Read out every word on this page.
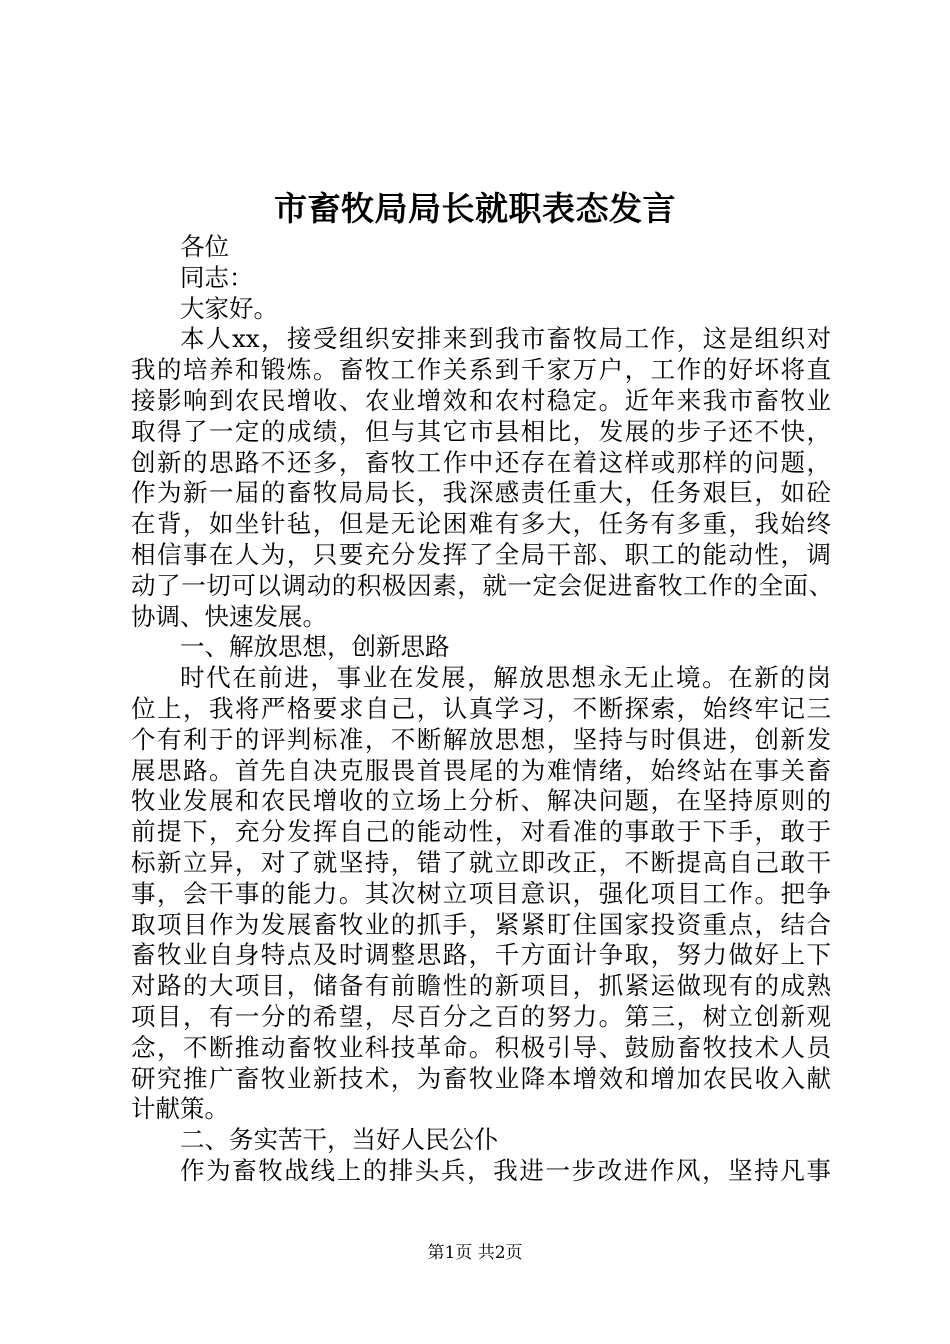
市畜牧局局长就职表态发言
各位
同志：
大家好。
本人xx，接受组织安排来到我市畜牧局工作，这是组织对
我的培养和锻炼。畜牧工作关系到千家万户，工作的好坏将直
接影响到农民增收、农业增效和农村稳定。近年来我市畜牧业
取得了一定的成绩，但与其它市县相比，发展的步子还不快，
创新的思路不还多，畜牧工作中还存在着这样或那样的问题，
作为新一届的畜牧局局长，我深感责任重大，任务艰巨，如砼
在背，如坐针毡，但是无论困难有多大，任务有多重，我始终
相信事在人为，只要充分发挥了全局干部、职工的能动性，调
动了一切可以调动的积极因素，就一定会促进畜牧工作的全面、
协调、快速发展。
一、解放思想，创新思路
时代在前进，事业在发展，解放思想永无止境。在新的岗
位上，我将严格要求自己，认真学习，不断探索，始终牢记三
个有利于的评判标准，不断解放思想，坚持与时俱进，创新发
展思路。首先自决克服畏首畏尾的为难情绪，始终站在事关畜
牧业发展和农民增收的立场上分析、解决问题，在坚持原则的
前提下，充分发挥自己的能动性，对看准的事敢于下手，敢于
标新立异，对了就坚持，错了就立即改正，不断提高自己敢干
事，会干事的能力。其次树立项目意识，强化项目工作。把争
取项目作为发展畜牧业的抓手，紧紧盯住国家投资重点，结合
畜牧业自身特点及时调整思路，千方面计争取，努力做好上下
对路的大项目，储备有前瞻性的新项目，抓紧运做现有的成熟
项目，有一分的希望，尽百分之百的努力。第三，树立创新观
念，不断推动畜牧业科技革命。积极引导、鼓励畜牧技术人员
研究推广畜牧业新技术，为畜牧业降本增效和增加农民收入献
计献策。
二、务实苦干，当好人民公仆
作为畜牧战线上的排头兵，我进一步改进作风，坚持凡事
第1页 共2页
